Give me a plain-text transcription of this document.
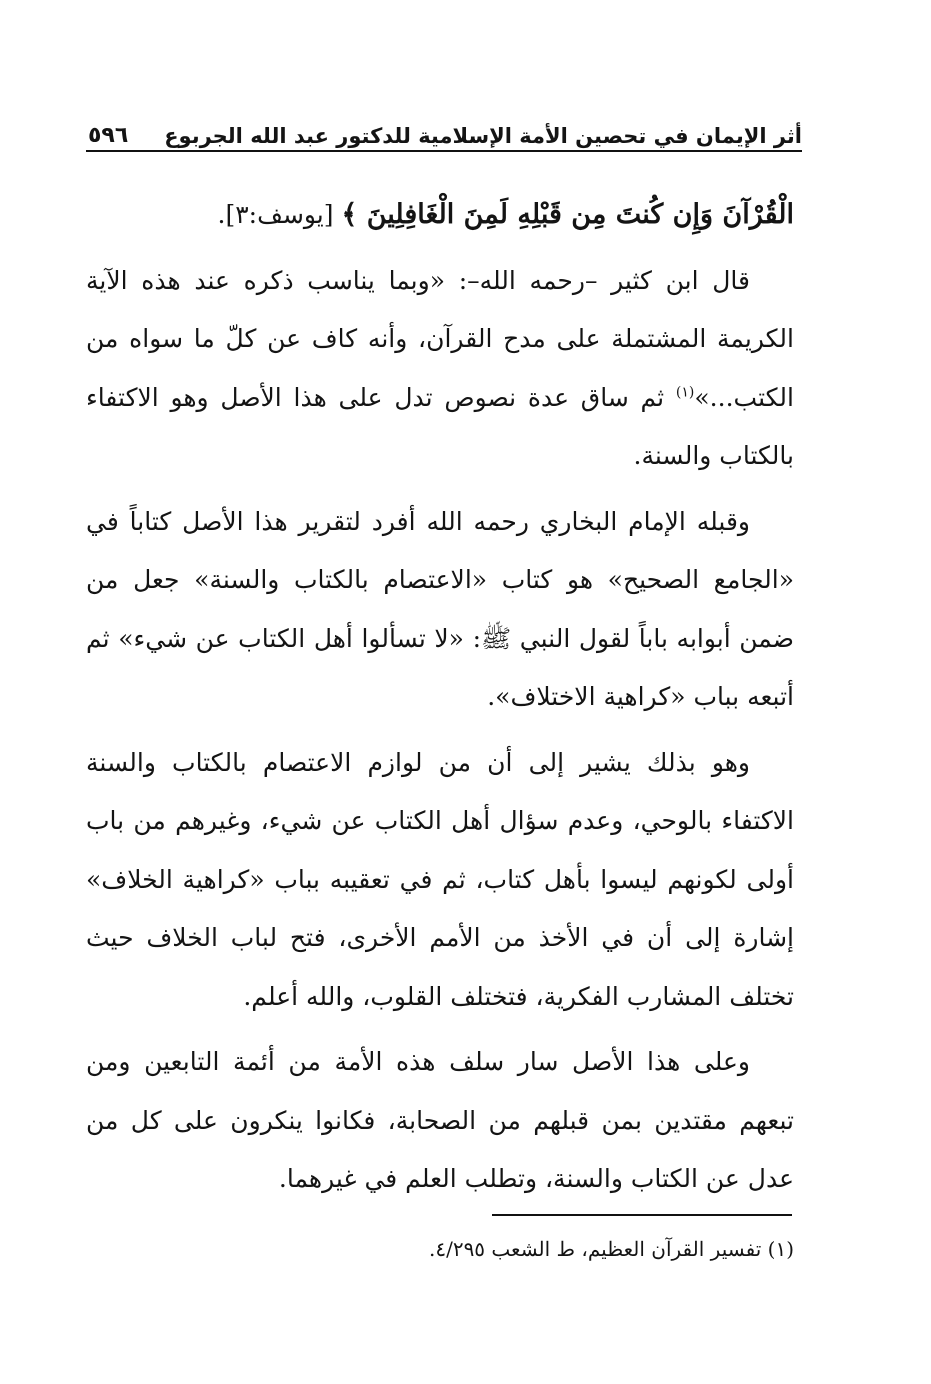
أثر الإيمان في تحصين الأمة الإسلامية للدكتور عبد الله الجربوع
٥٩٦

الْقُرْآنَ وَإِن كُنتَ مِن قَبْلِهِ لَمِنَ الْغَافِلِينَ ﴾ [يوسف:٣].

قال ابن كثير –رحمه الله–: «وبما يناسب ذكره عند هذه الآية الكريمة المشتملة على مدح القرآن، وأنه كاف عن كلّ ما سواه من الكتب...»$^{(١)}$ ثم ساق عدة نصوص تدل على هذا الأصل وهو الاكتفاء بالكتاب والسنة.

وقبله الإمام البخاري رحمه الله أفرد لتقرير هذا الأصل كتاباً في «الجامع الصحيح» هو كتاب «الاعتصام بالكتاب والسنة» جعل من ضمن أبوابه باباً لقول النبي ﷺ: «لا تسألوا أهل الكتاب عن شيء» ثم أتبعه بباب «كراهية الاختلاف».

وهو بذلك يشير إلى أن من لوازم الاعتصام بالكتاب والسنة الاكتفاء بالوحي، وعدم سؤال أهل الكتاب عن شيء، وغيرهم من باب أولى لكونهم ليسوا بأهل كتاب، ثم في تعقيبه بباب «كراهية الخلاف» إشارة إلى أن في الأخذ من الأمم الأخرى، فتح لباب الخلاف حيث تختلف المشارب الفكرية، فتختلف القلوب، والله أعلم.

وعلى هذا الأصل سار سلف هذه الأمة من أئمة التابعين ومن تبعهم مقتدين بمن قبلهم من الصحابة، فكانوا ينكرون على كل من عدل عن الكتاب والسنة، وتطلب العلم في غيرهما.

(١) تفسير القرآن العظيم، ط الشعب ٤/٢٩٥.
